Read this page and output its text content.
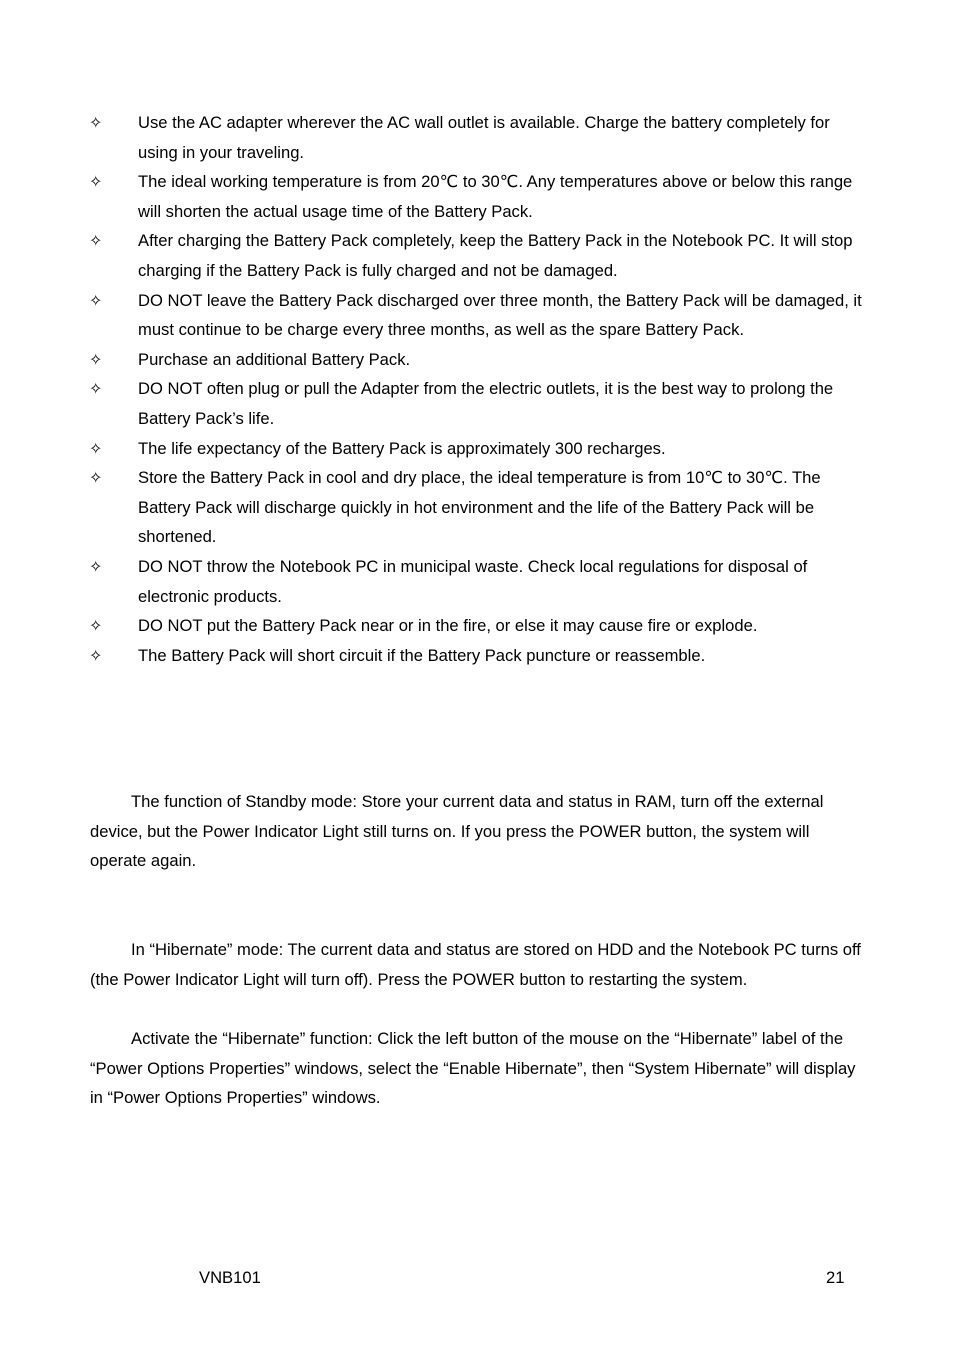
✧	Use the AC adapter wherever the AC wall outlet is available. Charge the battery completely for using in your traveling.
✧	The ideal working temperature is from 20℃ to 30℃. Any temperatures above or below this range will shorten the actual usage time of the Battery Pack.
✧	After charging the Battery Pack completely, keep the Battery Pack in the Notebook PC. It will stop charging if the Battery Pack is fully charged and not be damaged.
✧	DO NOT leave the Battery Pack discharged over three month, the Battery Pack will be damaged, it must continue to be charge every three months, as well as the spare Battery Pack.
✧	Purchase an additional Battery Pack.
✧	DO NOT often plug or pull the Adapter from the electric outlets, it is the best way to prolong the Battery Pack’s life.
✧	The life expectancy of the Battery Pack is approximately 300 recharges.
✧	Store the Battery Pack in cool and dry place, the ideal temperature is from 10℃ to 30℃. The Battery Pack will discharge quickly in hot environment and the life of the Battery Pack will be shortened.
✧	DO NOT throw the Notebook PC in municipal waste. Check local regulations for disposal of electronic products.
✧	DO NOT put the Battery Pack near or in the fire, or else it may cause fire or explode.
✧	The Battery Pack will short circuit if the Battery Pack puncture or reassemble.

The function of Standby mode: Store your current data and status in RAM, turn off the external device, but the Power Indicator Light still turns on. If you press the POWER button, the system will operate again.

In “Hibernate” mode: The current data and status are stored on HDD and the Notebook PC turns off (the Power Indicator Light will turn off). Press the POWER button to restarting the system.

Activate the “Hibernate” function: Click the left button of the mouse on the “Hibernate” label of the “Power Options Properties” windows, select the “Enable Hibernate”, then “System Hibernate” will display in “Power Options Properties” windows.

VNB101	21
